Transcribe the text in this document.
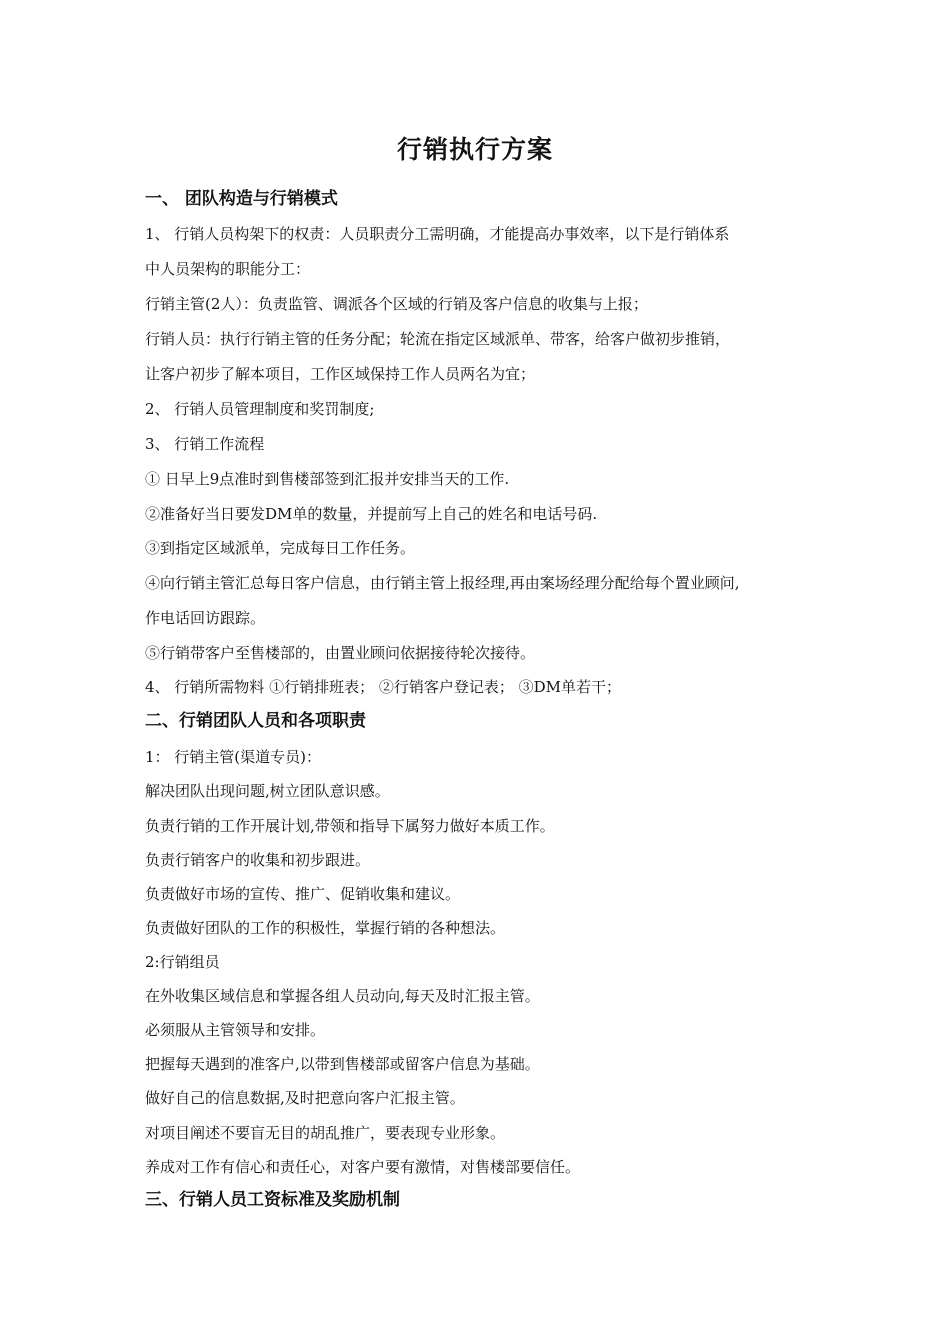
行销执行方案
一、 团队构造与行销模式
1、 行销人员构架下的权责：人员职责分工需明确，才能提高办事效率，以下是行销体系
中人员架构的职能分工：
行销主管(2人）：负责监管、调派各个区域的行销及客户信息的收集与上报；
行销人员：执行行销主管的任务分配；轮流在指定区域派单、带客，给客户做初步推销，
让客户初步了解本项目，工作区域保持工作人员两名为宜；
2、 行销人员管理制度和奖罚制度;
3、 行销工作流程
① 日早上9点准时到售楼部签到汇报并安排当天的工作.
②准备好当日要发DM单的数量，并提前写上自己的姓名和电话号码.
③到指定区域派单，完成每日工作任务。
④向行销主管汇总每日客户信息，由行销主管上报经理,再由案场经理分配给每个置业顾问,
作电话回访跟踪。
⑤行销带客户至售楼部的，由置业顾问依据接待轮次接待。
4、 行销所需物料 ①行销排班表； ②行销客户登记表； ③DM单若干；
二、行销团队人员和各项职责
1： 行销主管(渠道专员)：
解决团队出现问题,树立团队意识感。
负责行销的工作开展计划,带领和指导下属努力做好本质工作。
负责行销客户的收集和初步跟进。
负责做好市场的宣传、推广、促销收集和建议。
负责做好团队的工作的积极性，掌握行销的各种想法。
2:行销组员
在外收集区域信息和掌握各组人员动向,每天及时汇报主管。
必须服从主管领导和安排。
把握每天遇到的准客户,以带到售楼部或留客户信息为基础。
做好自己的信息数据,及时把意向客户汇报主管。
对项目阐述不要盲无目的胡乱推广，要表现专业形象。
养成对工作有信心和责任心，对客户要有激情，对售楼部要信任。
三、行销人员工资标准及奖励机制
